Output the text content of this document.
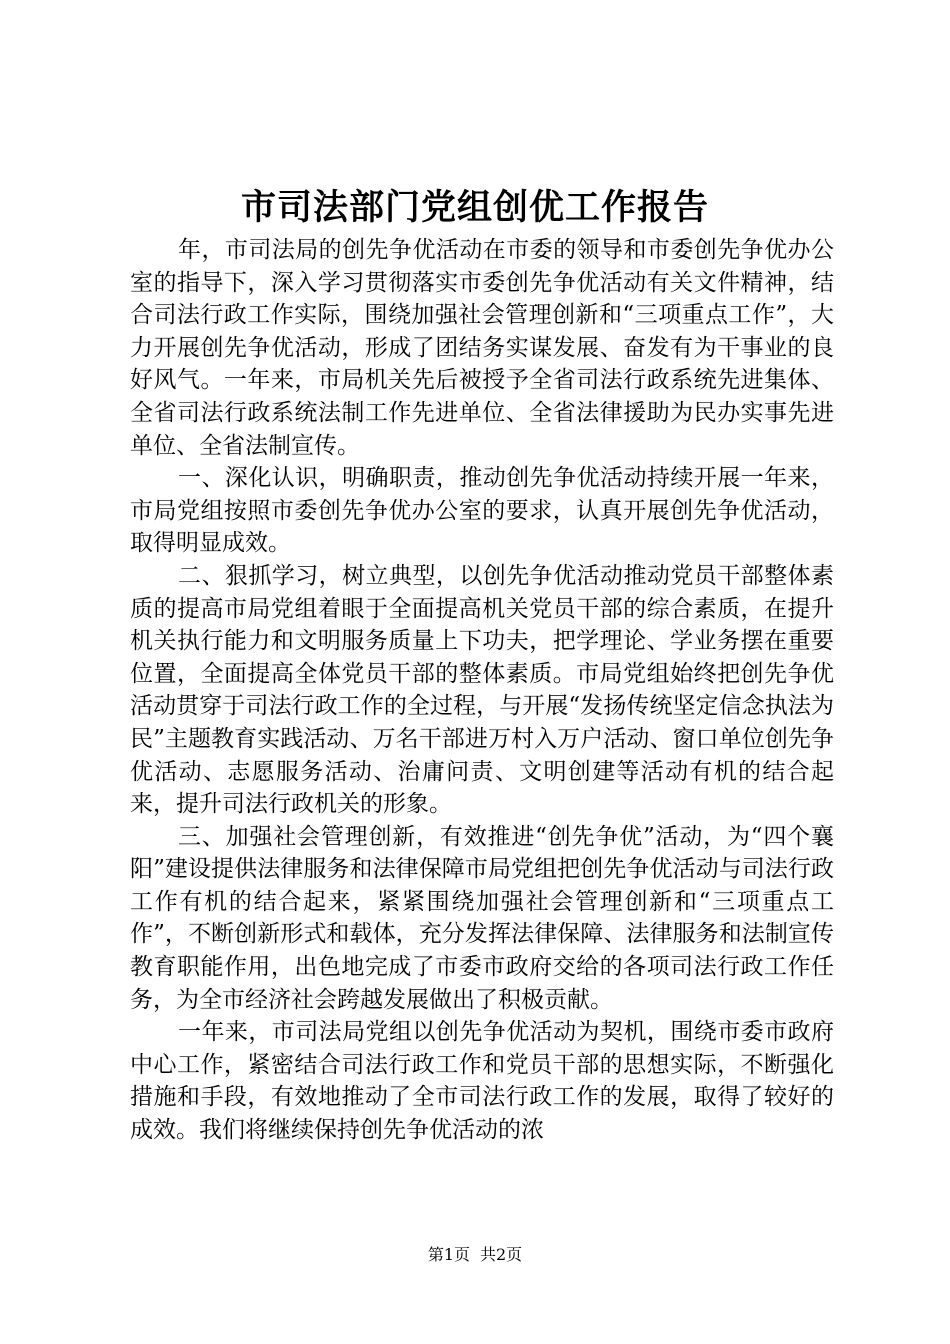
市司法部门党组创优工作报告

年，市司法局的创先争优活动在市委的领导和市委创先争优办公室的指导下，深入学习贯彻落实市委创先争优活动有关文件精神，结合司法行政工作实际，围绕加强社会管理创新和“三项重点工作”，大力开展创先争优活动，形成了团结务实谋发展、奋发有为干事业的良好风气。一年来，市局机关先后被授予全省司法行政系统先进集体、全省司法行政系统法制工作先进单位、全省法律援助为民办实事先进单位、全省法制宣传。

一、深化认识，明确职责，推动创先争优活动持续开展一年来，市局党组按照市委创先争优办公室的要求，认真开展创先争优活动，取得明显成效。

二、狠抓学习，树立典型，以创先争优活动推动党员干部整体素质的提高市局党组着眼于全面提高机关党员干部的综合素质，在提升机关执行能力和文明服务质量上下功夫，把学理论、学业务摆在重要位置，全面提高全体党员干部的整体素质。市局党组始终把创先争优活动贯穿于司法行政工作的全过程，与开展“发扬传统坚定信念执法为民”主题教育实践活动、万名干部进万村入万户活动、窗口单位创先争优活动、志愿服务活动、治庸问责、文明创建等活动有机的结合起来，提升司法行政机关的形象。

三、加强社会管理创新，有效推进“创先争优”活动，为“四个襄阳”建设提供法律服务和法律保障市局党组把创先争优活动与司法行政工作有机的结合起来，紧紧围绕加强社会管理创新和“三项重点工作”，不断创新形式和载体，充分发挥法律保障、法律服务和法制宣传教育职能作用，出色地完成了市委市政府交给的各项司法行政工作任务，为全市经济社会跨越发展做出了积极贡献。

一年来，市司法局党组以创先争优活动为契机，围绕市委市政府中心工作，紧密结合司法行政工作和党员干部的思想实际，不断强化措施和手段，有效地推动了全市司法行政工作的发展，取得了较好的成效。我们将继续保持创先争优活动的浓

第1页 共2页
